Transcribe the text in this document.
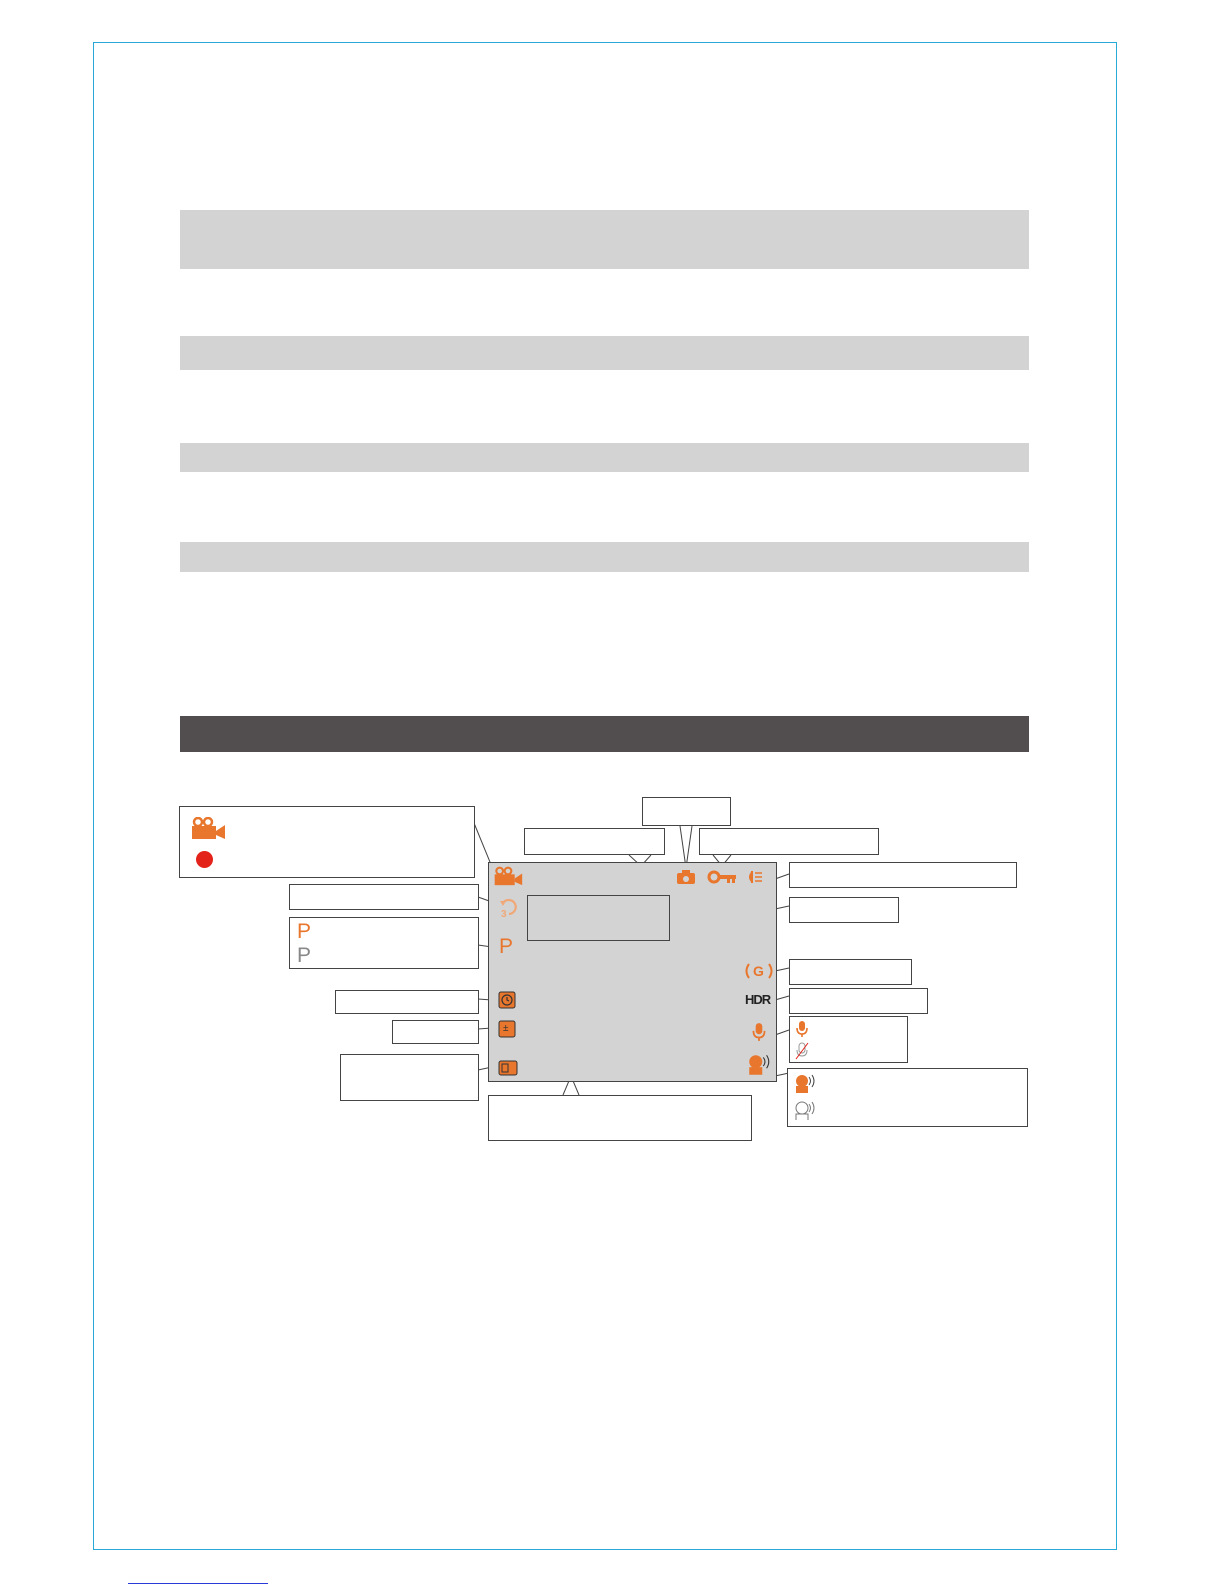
P
P
3
P
±
G
HDR
